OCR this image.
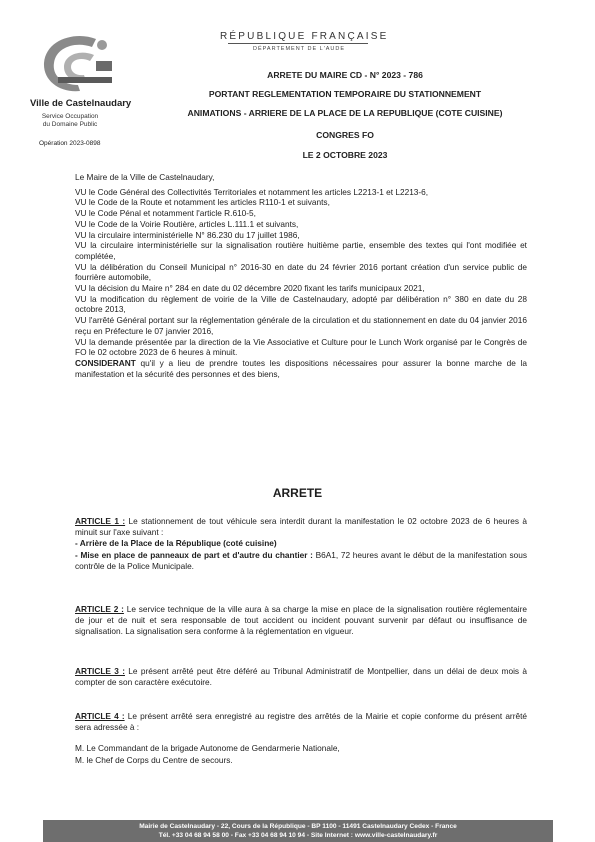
RÉPUBLIQUE FRANÇAISE
DÉPARTEMENT DE L'AUDE
Ville de Castelnaudary
Service Occupation
du Domaine Public
Opération 2023-0898
ARRETE DU MAIRE CD - N° 2023 - 786
PORTANT REGLEMENTATION TEMPORAIRE DU STATIONNEMENT
ANIMATIONS - ARRIERE DE LA PLACE DE LA REPUBLIQUE (COTE CUISINE)
CONGRES FO
LE 2 OCTOBRE 2023

Le Maire de la Ville de Castelnaudary,

VU le Code Général des Collectivités Territoriales et notamment les articles L2213-1 et L2213-6,

VU le Code de la Route et notamment les articles R110-1 et suivants,

VU le Code Pénal et notamment l'article R.610-5,

VU le Code de la Voirie Routière, articles L.111.1 et suivants,

VU la circulaire interministérielle N° 86.230 du 17 juillet 1986,

VU la circulaire interministérielle sur la signalisation routière huitième partie, ensemble des textes qui l'ont modifiée et complétée,

VU la délibération du Conseil Municipal n° 2016-30 en date du 24 février 2016 portant création d'un service public de fourrière automobile,

VU la décision du Maire n° 284 en date du 02 décembre 2020 fixant les tarifs municipaux 2021,

VU la modification du règlement de voirie de la Ville de Castelnaudary, adopté par délibération n° 380 en date du 28 octobre 2013,

VU l'arrêté Général portant sur la réglementation générale de la circulation et du stationnement en date du 04 janvier 2016 reçu en Préfecture le 07 janvier 2016,

VU la demande présentée par la direction de la Vie Associative et Culture pour le Lunch Work organisé par le Congrès de FO le 02 octobre 2023 de 6 heures à minuit.

CONSIDERANT qu'il y a lieu de prendre toutes les dispositions nécessaires pour assurer la bonne marche de la manifestation et la sécurité des personnes et des biens,

ARRETE

ARTICLE 1 : Le stationnement de tout véhicule sera interdit durant la manifestation le 02 octobre 2023 de 6 heures à minuit sur l'axe suivant :

- Arrière de la Place de la République (coté cuisine)

- Mise en place de panneaux de part et d'autre du chantier : B6A1, 72 heures avant le début de la manifestation sous contrôle de la Police Municipale.

ARTICLE 2 : Le service technique de la ville aura à sa charge la mise en place de la signalisation routière réglementaire de jour et de nuit et sera responsable de tout accident ou incident pouvant survenir par défaut ou insuffisance de signalisation. La signalisation sera conforme à la réglementation en vigueur.

ARTICLE 3 : Le présent arrêté peut être déféré au Tribunal Administratif de Montpellier, dans un délai de deux mois à compter de son caractère exécutoire.

ARTICLE 4 : Le présent arrêté sera enregistré au registre des arrêtés de la Mairie et copie conforme du présent arrêté sera adressée à :

M. Le Commandant de la brigade Autonome de Gendarmerie Nationale,

M. le Chef de Corps du Centre de secours.

Mairie de Castelnaudary - 22, Cours de la République - BP 1100 - 11491 Castelnaudary Cedex - France
Tél. +33 04 68 94 58 00 - Fax +33 04 68 94 10 94 - Site Internet : www.ville-castelnaudary.fr
